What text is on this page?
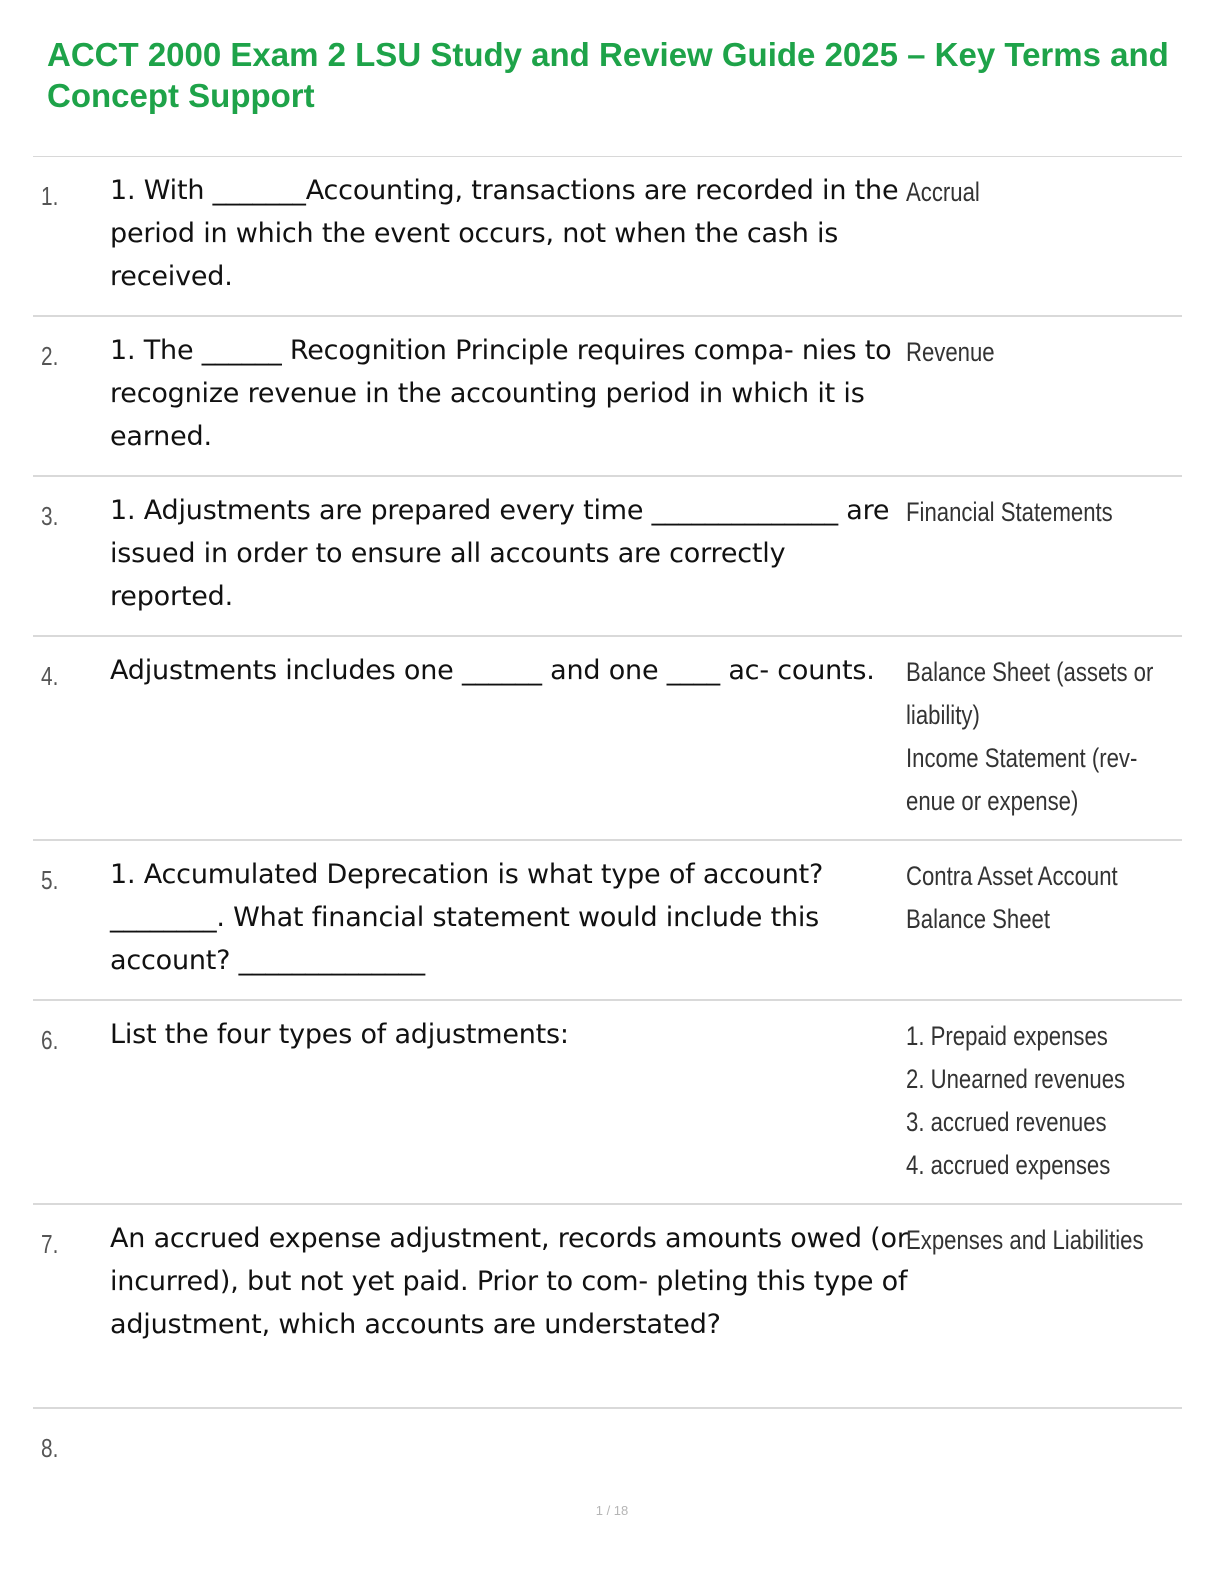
ACCT 2000 Exam 2 LSU Study and Review Guide 2025 – Key Terms and Concept Support
1. 1. With _______Accounting, transactions are recorded in the period in which the event occurs, not when the cash is received.

Accrual
2. 1. The ______ Recognition Principle requires compa- nies to recognize revenue in the accounting period in which it is earned.

Revenue
3. 1. Adjustments are prepared every time ______________ are issued in order to ensure all accounts are correctly reported.

Financial Statements
4. Adjustments includes one ______ and one ____ ac- counts.	Balance Sheet (assets or
liability)
Income Statement (rev-
enue or expense)
5. 1. Accumulated Deprecation is what type of account? ________. What financial statement would include this account? ______________

Contra Asset Account
Balance Sheet
6. List the four types of adjustments:	1. Prepaid expenses
2. Unearned revenues
3. accrued revenues
4. accrued expenses
7. An accrued expense adjustment, records amounts owed (or incurred), but not yet paid. Prior to com- pleting this type of adjustment, which accounts are understated?

Expenses and Liabilities
8.

1 / 18
